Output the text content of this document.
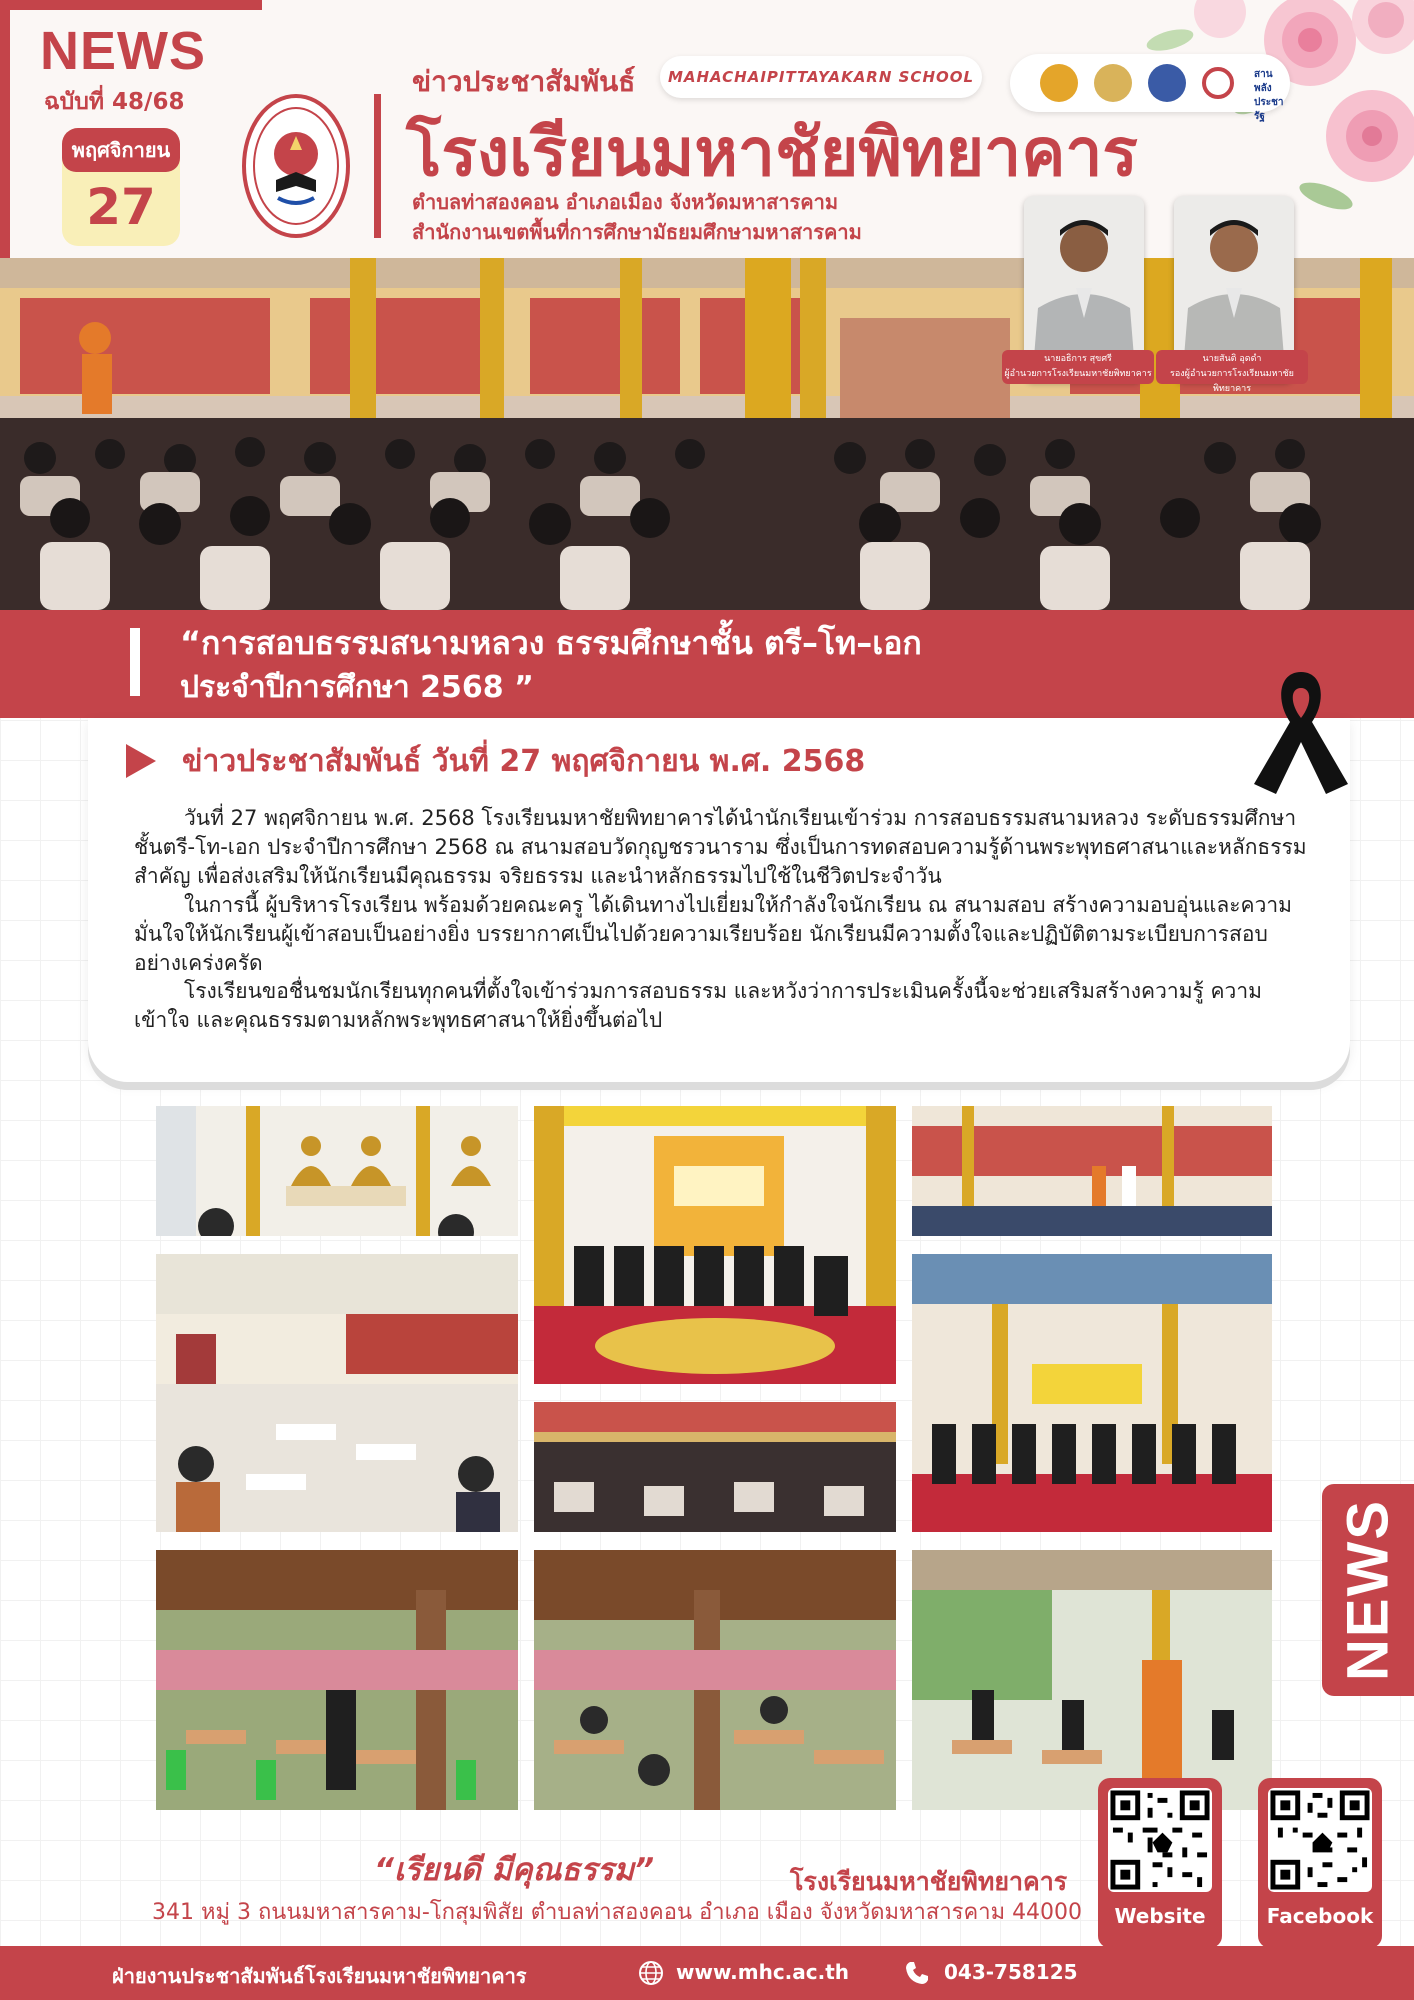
NEWS
ฉบับที่ 48/68
พฤศจิกายน
27
ข่าวประชาสัมพันธ์	MAHACHAIPITTAYAKARN SCHOOL
โรงเรียนมหาชัยพิทยาคาร
ตำบลท่าสองคอน อำเภอเมือง จังหวัดมหาสารคาม
สำนักงานเขตพื้นที่การศึกษามัธยมศึกษามหาสารคาม
สานพลัง ประชารัฐ
นายอธิการ สุขศรี
ผู้อำนวยการโรงเรียนมหาชัยพิทยาคาร
นายสันติ อุดดำ
รองผู้อำนวยการโรงเรียนมหาชัยพิทยาคาร
“การสอบธรรมสนามหลวง ธรรมศึกษาชั้น ตรี–โท–เอก
ประจำปีการศึกษา 2568 ”
ข่าวประชาสัมพันธ์ วันที่ 27 พฤศจิกายน พ.ศ. 2568
วันที่ 27 พฤศจิกายน พ.ศ. 2568 โรงเรียนมหาชัยพิทยาคารได้นำนักเรียนเข้าร่วม การสอบธรรมสนามหลวง ระดับธรรมศึกษาชั้นตรี-โท-เอก ประจำปีการศึกษา 2568 ณ สนามสอบวัดกุญชรวนาราม ซึ่งเป็นการทดสอบความรู้ด้านพระพุทธศาสนาและหลักธรรมสำคัญ เพื่อส่งเสริมให้นักเรียนมีคุณธรรม จริยธรรม และนำหลักธรรมไปใช้ในชีวิตประจำวัน
ในการนี้ ผู้บริหารโรงเรียน พร้อมด้วยคณะครู ได้เดินทางไปเยี่ยมให้กำลังใจนักเรียน ณ สนามสอบ สร้างความอบอุ่นและความมั่นใจให้นักเรียนผู้เข้าสอบเป็นอย่างยิ่ง บรรยากาศเป็นไปด้วยความเรียบร้อย นักเรียนมีความตั้งใจและปฏิบัติตามระเบียบการสอบอย่างเคร่งครัด
โรงเรียนขอชื่นชมนักเรียนทุกคนที่ตั้งใจเข้าร่วมการสอบธรรม และหวังว่าการประเมินครั้งนี้จะช่วยเสริมสร้างความรู้ ความเข้าใจ และคุณธรรมตามหลักพระพุทธศาสนาให้ยิ่งขึ้นต่อไป
NEWS
“เรียนดี มีคุณธรรม”	โรงเรียนมหาชัยพิทยาคาร
341 หมู่ 3 ถนนมหาสารคาม-โกสุมพิสัย ตำบลท่าสองคอน อำเภอ เมือง จังหวัดมหาสารคาม 44000	Website	Facebook
ฝ่ายงานประชาสัมพันธ์โรงเรียนมหาชัยพิทยาคาร	www.mhc.ac.th	043-758125
